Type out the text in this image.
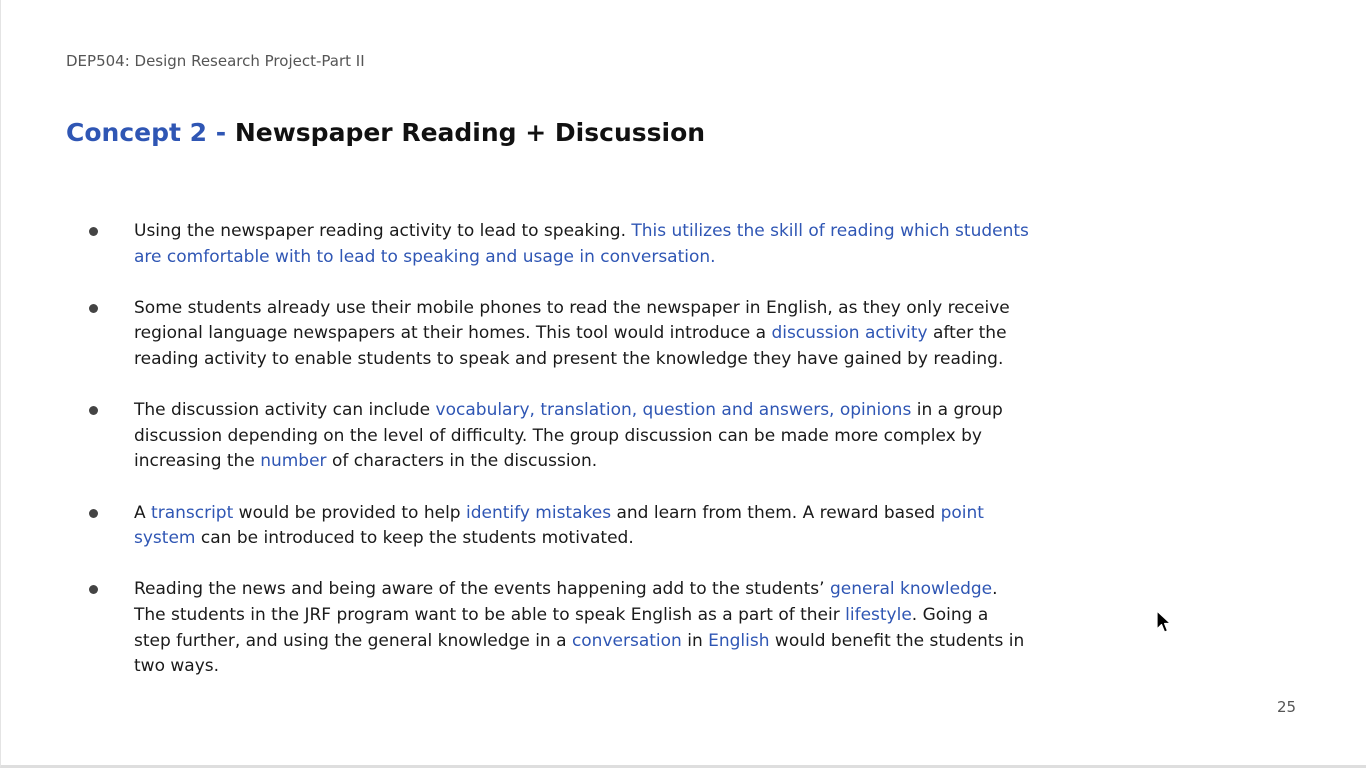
DEP504: Design Research Project-Part II
Concept 2 - Newspaper Reading + Discussion
Using the newspaper reading activity to lead to speaking. This utilizes the skill of reading which students are comfortable with to lead to speaking and usage in conversation.
Some students already use their mobile phones to read the newspaper in English, as they only receive regional language newspapers at their homes. This tool would introduce a discussion activity after the reading activity to enable students to speak and present the knowledge they have gained by reading.
The discussion activity can include vocabulary, translation, question and answers, opinions in a group discussion depending on the level of difficulty. The group discussion can be made more complex by increasing the number of characters in the discussion.
A transcript would be provided to help identify mistakes and learn from them. A reward based point system can be introduced to keep the students motivated.
Reading the news and being aware of the events happening add to the students’ general knowledge. The students in the JRF program want to be able to speak English as a part of their lifestyle. Going a step further, and using the general knowledge in a conversation in English would benefit the students in two ways.
25
